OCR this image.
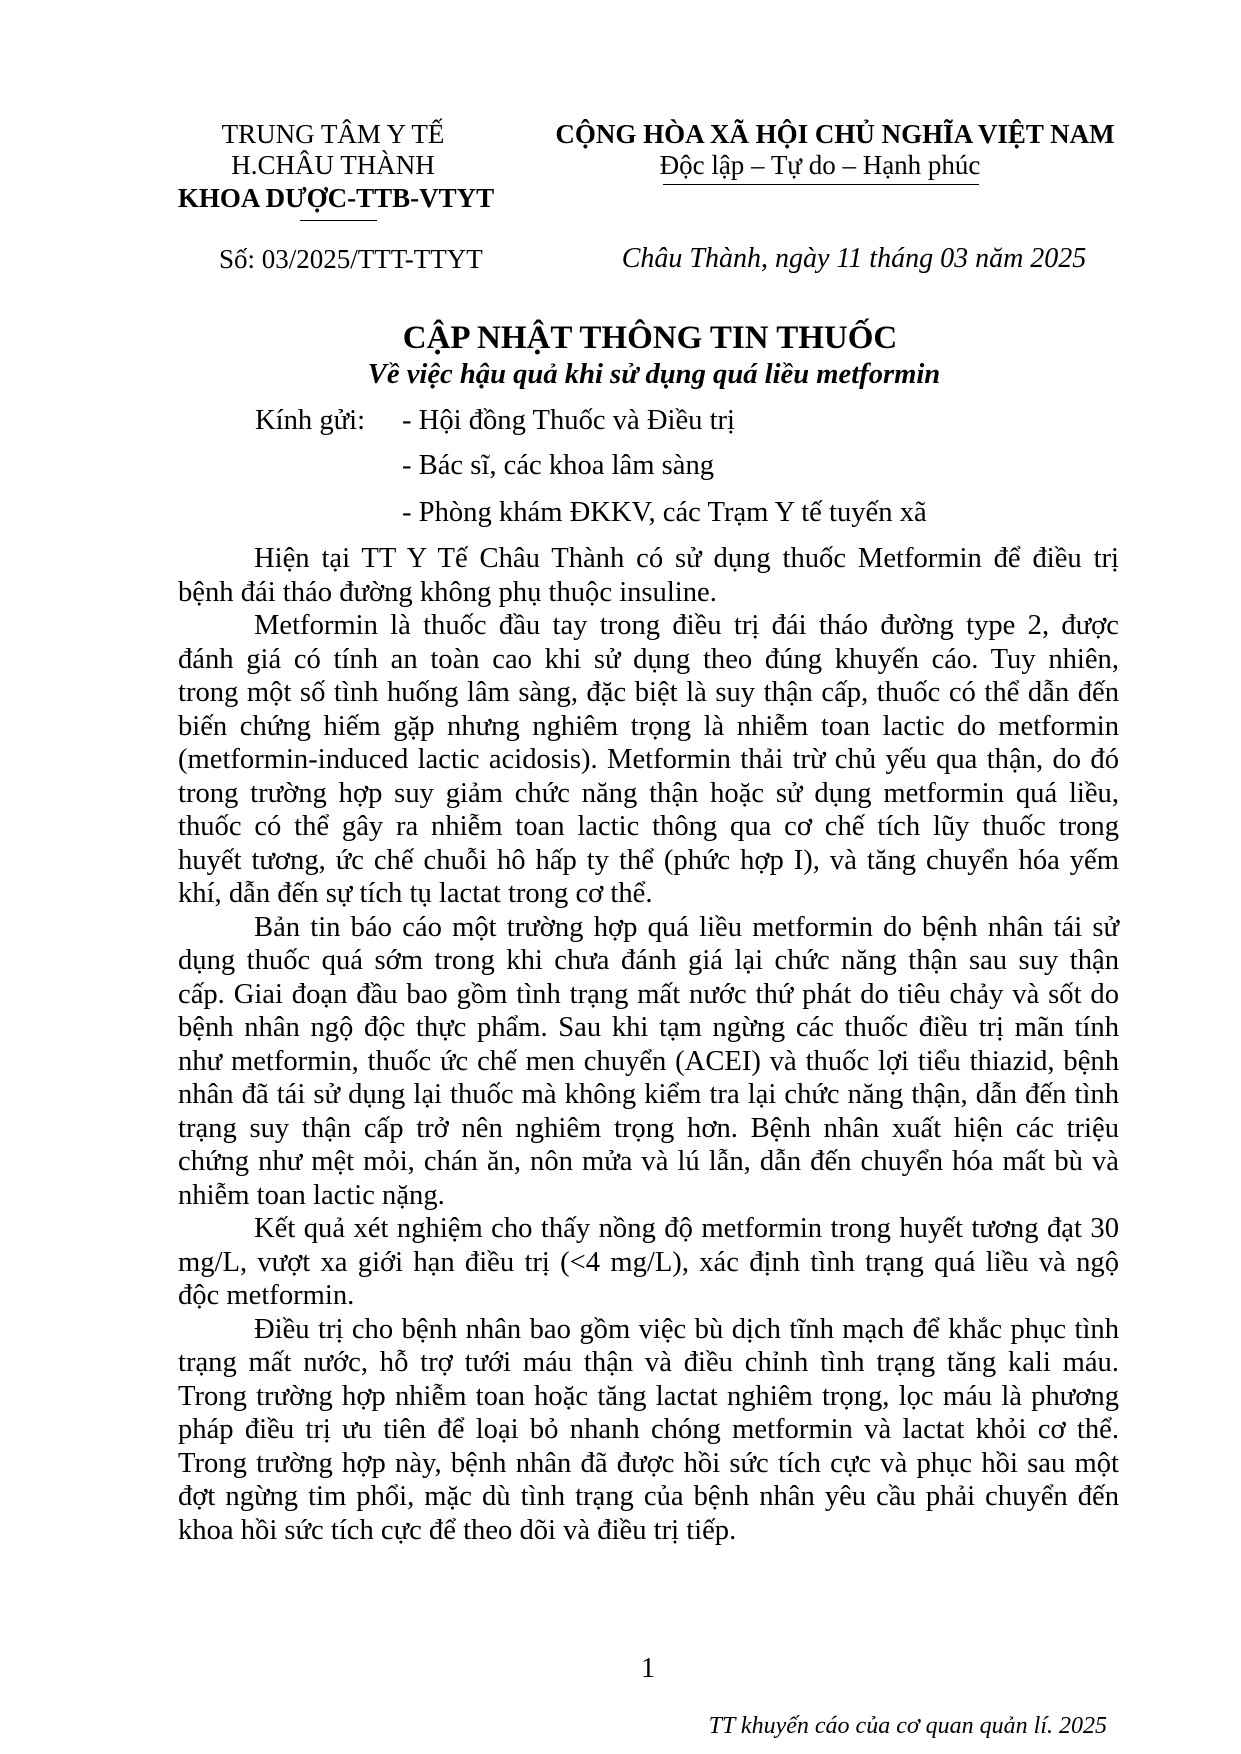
TRUNG TÂM Y TẾ
H.CHÂU THÀNH
KHOA DƯỢC-TTB-VTYT
CỘNG HÒA XÃ HỘI CHỦ NGHĨA VIỆT NAM
Độc lập – Tự do – Hạnh phúc
Số: 03/2025/TTT-TTYT	Châu Thành, ngày 11 tháng 03 năm 2025
CẬP NHẬT THÔNG TIN THUỐC
Về việc hậu quả khi sử dụng quá liều metformin
Kính gửi: - Hội đồng Thuốc và Điều trị
- Bác sĩ, các khoa lâm sàng
- Phòng khám ĐKKV, các Trạm Y tế tuyến xã
Hiện tại TT Y Tế Châu Thành có sử dụng thuốc Metformin để điều trị
bệnh đái tháo đường không phụ thuộc insuline.
Metformin là thuốc đầu tay trong điều trị đái tháo đường type 2, được
đánh giá có tính an toàn cao khi sử dụng theo đúng khuyến cáo. Tuy nhiên,
trong một số tình huống lâm sàng, đặc biệt là suy thận cấp, thuốc có thể dẫn đến
biến chứng hiếm gặp nhưng nghiêm trọng là nhiễm toan lactic do metformin
(metformin-induced lactic acidosis). Metformin thải trừ chủ yếu qua thận, do đó
trong trường hợp suy giảm chức năng thận hoặc sử dụng metformin quá liều,
thuốc có thể gây ra nhiễm toan lactic thông qua cơ chế tích lũy thuốc trong
huyết tương, ức chế chuỗi hô hấp ty thể (phức hợp I), và tăng chuyển hóa yếm
khí, dẫn đến sự tích tụ lactat trong cơ thể.
Bản tin báo cáo một trường hợp quá liều metformin do bệnh nhân tái sử
dụng thuốc quá sớm trong khi chưa đánh giá lại chức năng thận sau suy thận
cấp. Giai đoạn đầu bao gồm tình trạng mất nước thứ phát do tiêu chảy và sốt do
bệnh nhân ngộ độc thực phẩm. Sau khi tạm ngừng các thuốc điều trị mãn tính
như metformin, thuốc ức chế men chuyển (ACEI) và thuốc lợi tiểu thiazid, bệnh
nhân đã tái sử dụng lại thuốc mà không kiểm tra lại chức năng thận, dẫn đến tình
trạng suy thận cấp trở nên nghiêm trọng hơn. Bệnh nhân xuất hiện các triệu
chứng như mệt mỏi, chán ăn, nôn mửa và lú lẫn, dẫn đến chuyển hóa mất bù và
nhiễm toan lactic nặng.
Kết quả xét nghiệm cho thấy nồng độ metformin trong huyết tương đạt 30
mg/L, vượt xa giới hạn điều trị (<4 mg/L), xác định tình trạng quá liều và ngộ
độc metformin.
Điều trị cho bệnh nhân bao gồm việc bù dịch tĩnh mạch để khắc phục tình
trạng mất nước, hỗ trợ tưới máu thận và điều chỉnh tình trạng tăng kali máu.
Trong trường hợp nhiễm toan hoặc tăng lactat nghiêm trọng, lọc máu là phương
pháp điều trị ưu tiên để loại bỏ nhanh chóng metformin và lactat khỏi cơ thể.
Trong trường hợp này, bệnh nhân đã được hồi sức tích cực và phục hồi sau một
đợt ngừng tim phổi, mặc dù tình trạng của bệnh nhân yêu cầu phải chuyển đến
khoa hồi sức tích cực để theo dõi và điều trị tiếp.
1
TT khuyến cáo của cơ quan quản lí. 2025
